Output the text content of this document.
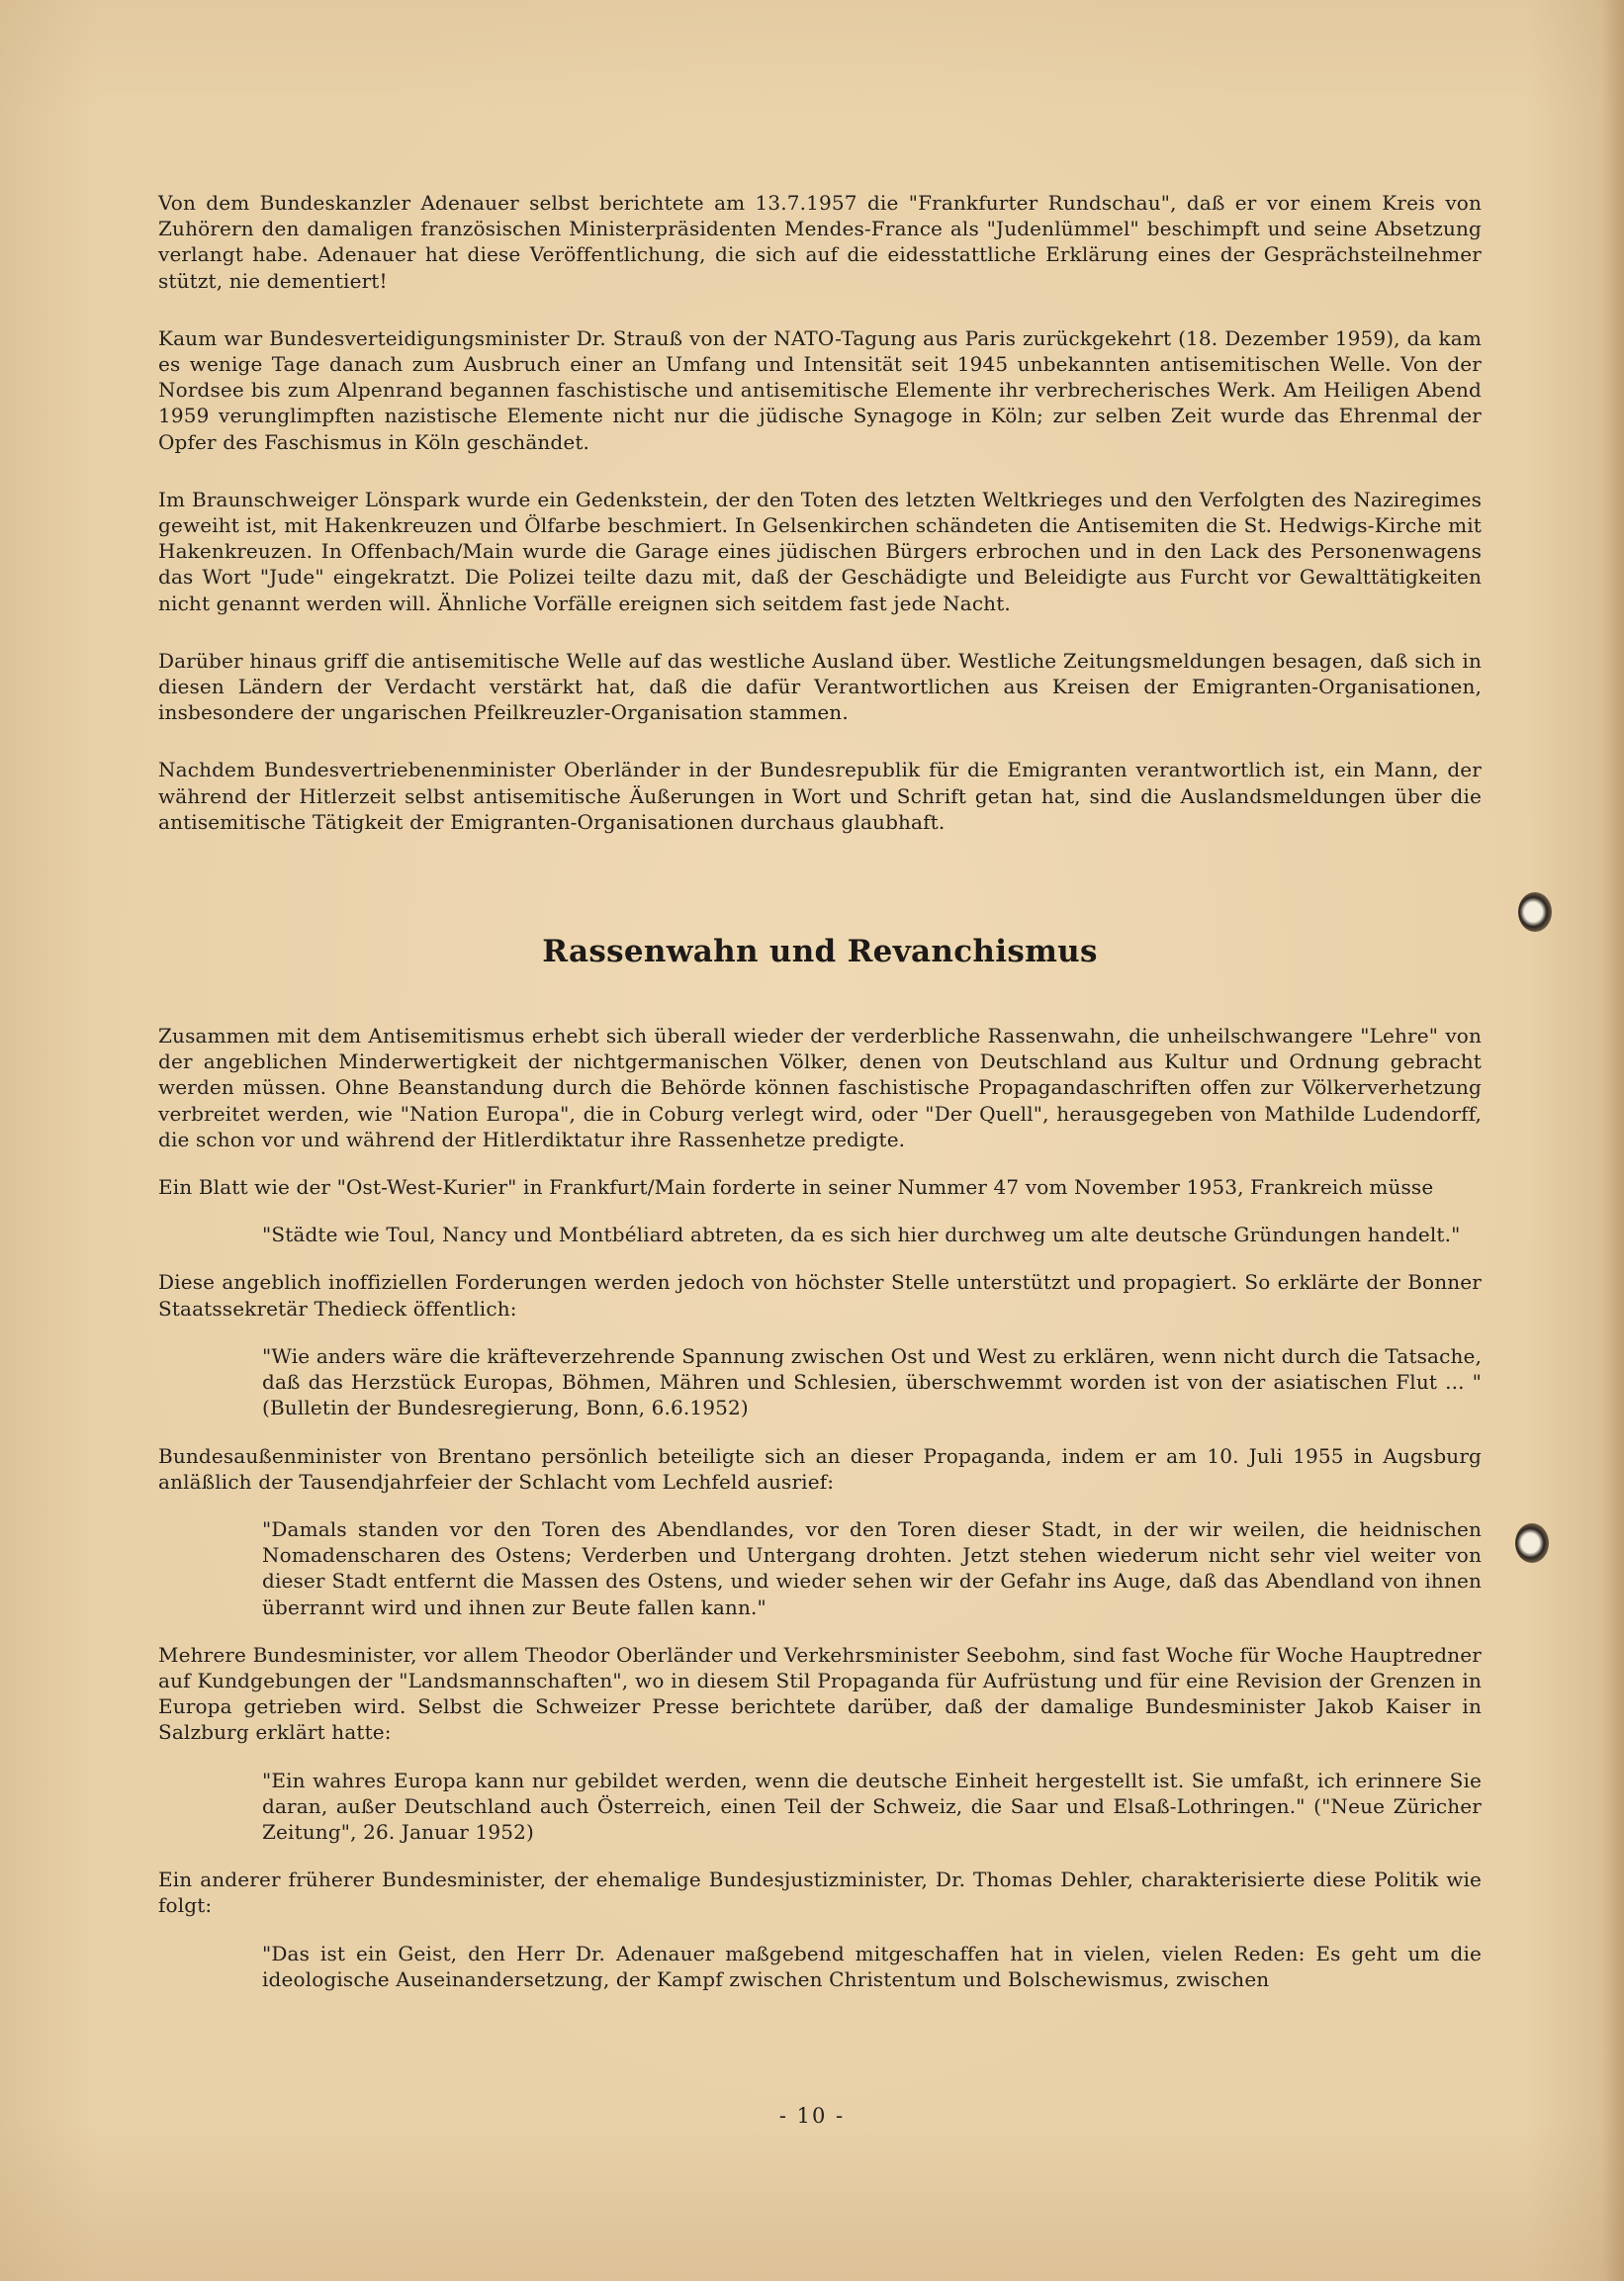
Von dem Bundeskanzler Adenauer selbst berichtete am 13.7.1957 die "Frankfurter Rundschau", daß er vor einem Kreis von Zuhörern den damaligen französischen Ministerpräsidenten Mendes-France als "Judenlümmel" beschimpft und seine Absetzung verlangt habe. Adenauer hat diese Veröffentlichung, die sich auf die eidesstattliche Erklärung eines der Gesprächsteilnehmer stützt, nie dementiert!

Kaum war Bundesverteidigungsminister Dr. Strauß von der NATO-Tagung aus Paris zurückgekehrt (18. Dezember 1959), da kam es wenige Tage danach zum Ausbruch einer an Umfang und Intensität seit 1945 unbekannten antisemitischen Welle. Von der Nordsee bis zum Alpenrand begannen faschistische und antisemitische Elemente ihr verbrecherisches Werk. Am Heiligen Abend 1959 verunglimpften nazistische Elemente nicht nur die jüdische Synagoge in Köln; zur selben Zeit wurde das Ehrenmal der Opfer des Faschismus in Köln geschändet.

Im Braunschweiger Lönspark wurde ein Gedenkstein, der den Toten des letzten Weltkrieges und den Verfolgten des Naziregimes geweiht ist, mit Hakenkreuzen und Ölfarbe beschmiert. In Gelsenkirchen schändeten die Antisemiten die St. Hedwigs-Kirche mit Hakenkreuzen. In Offenbach/Main wurde die Garage eines jüdischen Bürgers erbrochen und in den Lack des Personenwagens das Wort "Jude" eingekratzt. Die Polizei teilte dazu mit, daß der Geschädigte und Beleidigte aus Furcht vor Gewalttätigkeiten nicht genannt werden will. Ähnliche Vorfälle ereignen sich seitdem fast jede Nacht.

Darüber hinaus griff die antisemitische Welle auf das westliche Ausland über. Westliche Zeitungsmeldungen besagen, daß sich in diesen Ländern der Verdacht verstärkt hat, daß die dafür Verantwortlichen aus Kreisen der Emigranten-Organisationen, insbesondere der ungarischen Pfeilkreuzler-Organisation stammen.

Nachdem Bundesvertriebenenminister Oberländer in der Bundesrepublik für die Emigranten verantwortlich ist, ein Mann, der während der Hitlerzeit selbst antisemitische Äußerungen in Wort und Schrift getan hat, sind die Auslandsmeldungen über die antisemitische Tätigkeit der Emigranten-Organisationen durchaus glaubhaft.

Rassenwahn und Revanchismus

Zusammen mit dem Antisemitismus erhebt sich überall wieder der verderbliche Rassenwahn, die unheilschwangere "Lehre" von der angeblichen Minderwertigkeit der nichtgermanischen Völker, denen von Deutschland aus Kultur und Ordnung gebracht werden müssen. Ohne Beanstandung durch die Behörde können faschistische Propagandaschriften offen zur Völkerverhetzung verbreitet werden, wie "Nation Europa", die in Coburg verlegt wird, oder "Der Quell", herausgegeben von Mathilde Ludendorff, die schon vor und während der Hitlerdiktatur ihre Rassenhetze predigte.

Ein Blatt wie der "Ost-West-Kurier" in Frankfurt/Main forderte in seiner Nummer 47 vom November 1953, Frankreich müsse

"Städte wie Toul, Nancy und Montbéliard abtreten, da es sich hier durchweg um alte deutsche Gründungen handelt."

Diese angeblich inoffiziellen Forderungen werden jedoch von höchster Stelle unterstützt und propagiert. So erklärte der Bonner Staatssekretär Thedieck öffentlich:

"Wie anders wäre die kräfteverzehrende Spannung zwischen Ost und West zu erklären, wenn nicht durch die Tatsache, daß das Herzstück Europas, Böhmen, Mähren und Schlesien, überschwemmt worden ist von der asiatischen Flut ... " (Bulletin der Bundesregierung, Bonn, 6.6.1952)

Bundesaußenminister von Brentano persönlich beteiligte sich an dieser Propaganda, indem er am 10. Juli 1955 in Augsburg anläßlich der Tausendjahrfeier der Schlacht vom Lechfeld ausrief:

"Damals standen vor den Toren des Abendlandes, vor den Toren dieser Stadt, in der wir weilen, die heidnischen Nomadenscharen des Ostens; Verderben und Untergang drohten. Jetzt stehen wiederum nicht sehr viel weiter von dieser Stadt entfernt die Massen des Ostens, und wieder sehen wir der Gefahr ins Auge, daß das Abendland von ihnen überrannt wird und ihnen zur Beute fallen kann."

Mehrere Bundesminister, vor allem Theodor Oberländer und Verkehrsminister Seebohm, sind fast Woche für Woche Hauptredner auf Kundgebungen der "Landsmannschaften", wo in diesem Stil Propaganda für Aufrüstung und für eine Revision der Grenzen in Europa getrieben wird. Selbst die Schweizer Presse berichtete darüber, daß der damalige Bundesminister Jakob Kaiser in Salzburg erklärt hatte:

"Ein wahres Europa kann nur gebildet werden, wenn die deutsche Einheit hergestellt ist. Sie umfaßt, ich erinnere Sie daran, außer Deutschland auch Österreich, einen Teil der Schweiz, die Saar und Elsaß-Lothringen." ("Neue Züricher Zeitung", 26. Januar 1952)

Ein anderer früherer Bundesminister, der ehemalige Bundesjustizminister, Dr. Thomas Dehler, charakterisierte diese Politik wie folgt:

"Das ist ein Geist, den Herr Dr. Adenauer maßgebend mitgeschaffen hat in vielen, vielen Reden: Es geht um die ideologische Auseinandersetzung, der Kampf zwischen Christentum und Bolschewismus, zwischen

- 10 -
